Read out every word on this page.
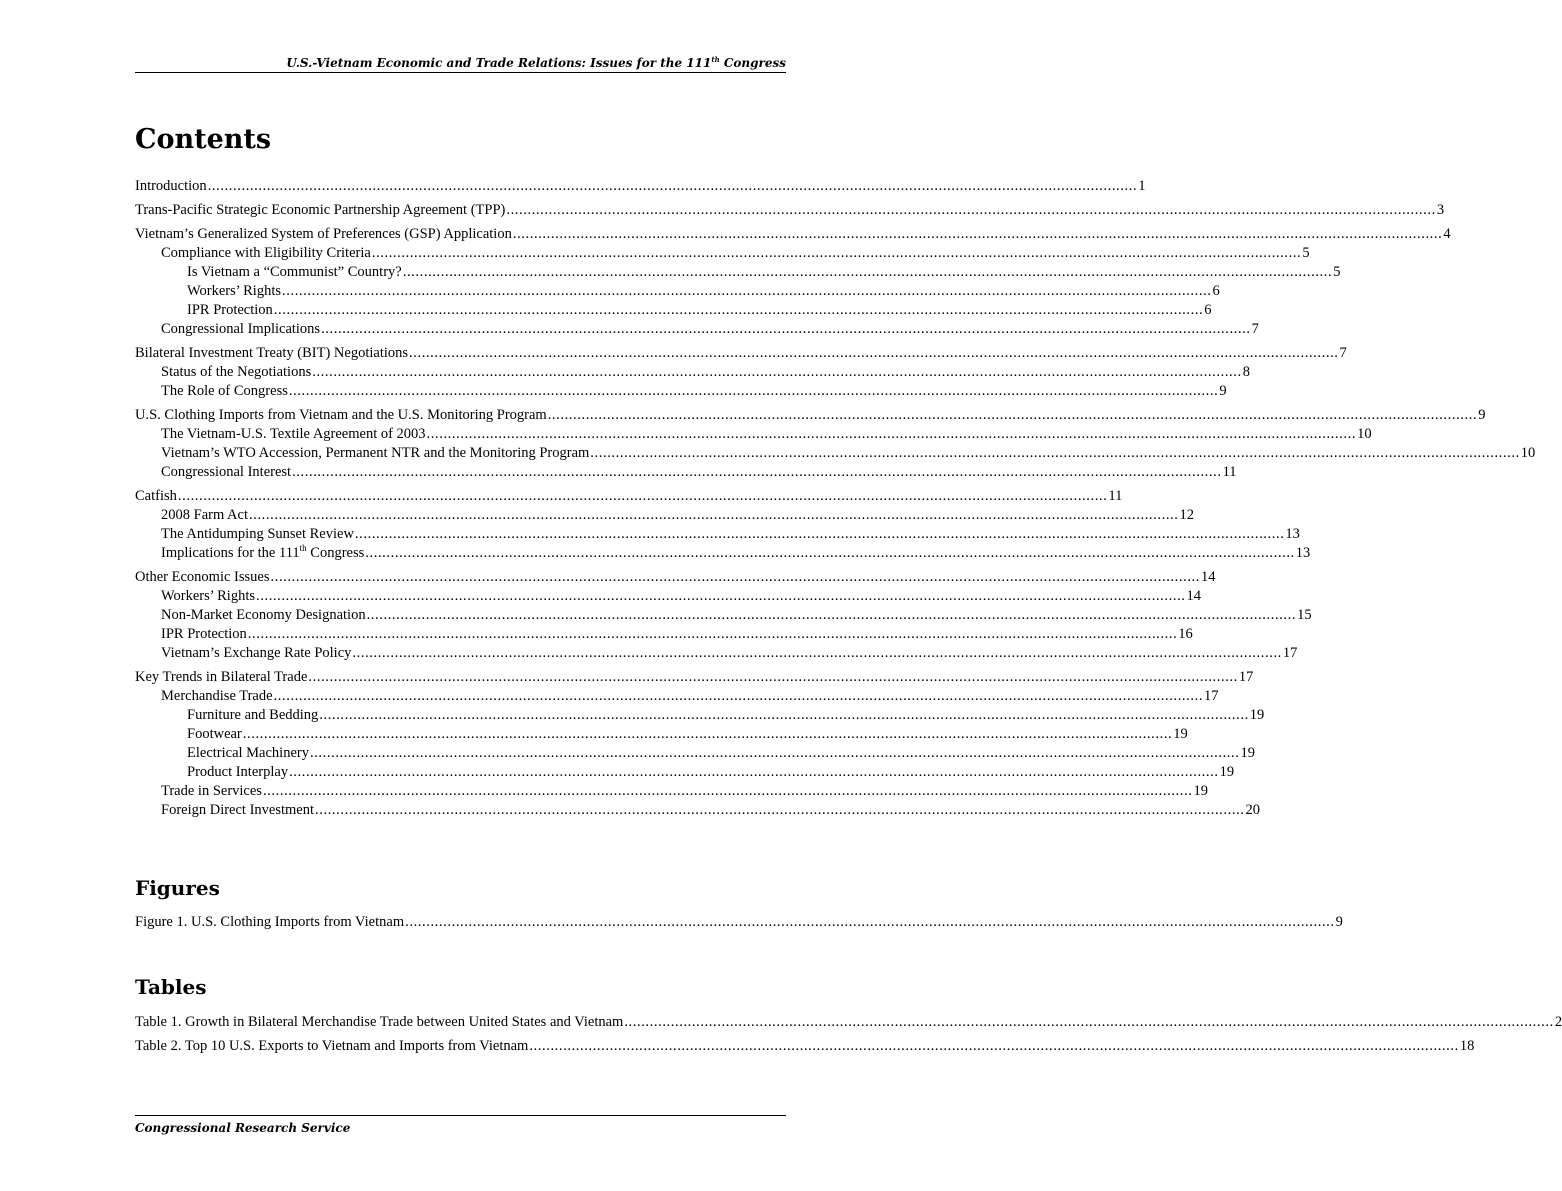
U.S.-Vietnam Economic and Trade Relations: Issues for the 111th Congress
Contents
Introduction ............................................................................................................................................................................................................................ 1
Trans-Pacific Strategic Economic Partnership Agreement (TPP) ............................................................................................................................................................................................................................ 3
Vietnam’s Generalized System of Preferences (GSP) Application ............................................................................................................................................................................................................................ 4
Compliance with Eligibility Criteria ............................................................................................................................................................................................................................ 5
Is Vietnam a “Communist” Country? ............................................................................................................................................................................................................................ 5
Workers’ Rights ............................................................................................................................................................................................................................ 6
IPR Protection ............................................................................................................................................................................................................................ 6
Congressional Implications ............................................................................................................................................................................................................................ 7
Bilateral Investment Treaty (BIT) Negotiations ............................................................................................................................................................................................................................ 7
Status of the Negotiations ............................................................................................................................................................................................................................ 8
The Role of Congress ............................................................................................................................................................................................................................ 9
U.S. Clothing Imports from Vietnam and the U.S. Monitoring Program ............................................................................................................................................................................................................................ 9
The Vietnam-U.S. Textile Agreement of 2003 ............................................................................................................................................................................................................................ 10
Vietnam’s WTO Accession, Permanent NTR and the Monitoring Program ............................................................................................................................................................................................................................ 10
Congressional Interest ............................................................................................................................................................................................................................ 11
Catfish ............................................................................................................................................................................................................................ 11
2008 Farm Act ............................................................................................................................................................................................................................ 12
The Antidumping Sunset Review ............................................................................................................................................................................................................................ 13
Implications for the 111th Congress ............................................................................................................................................................................................................................ 13
Other Economic Issues ............................................................................................................................................................................................................................ 14
Workers’ Rights ............................................................................................................................................................................................................................ 14
Non-Market Economy Designation ............................................................................................................................................................................................................................ 15
IPR Protection ............................................................................................................................................................................................................................ 16
Vietnam’s Exchange Rate Policy ............................................................................................................................................................................................................................ 17
Key Trends in Bilateral Trade ............................................................................................................................................................................................................................ 17
Merchandise Trade ............................................................................................................................................................................................................................ 17
Furniture and Bedding ............................................................................................................................................................................................................................ 19
Footwear ............................................................................................................................................................................................................................ 19
Electrical Machinery ............................................................................................................................................................................................................................ 19
Product Interplay ............................................................................................................................................................................................................................ 19
Trade in Services ............................................................................................................................................................................................................................ 19
Foreign Direct Investment ............................................................................................................................................................................................................................ 20
Figures
Figure 1. U.S. Clothing Imports from Vietnam ............................................................................................................................................................................................................................ 9
Tables
Table 1. Growth in Bilateral Merchandise Trade between United States and Vietnam ............................................................................................................................................................................................................................ 2
Table 2. Top 10 U.S. Exports to Vietnam and Imports from Vietnam ............................................................................................................................................................................................................................ 18
Congressional Research Service
